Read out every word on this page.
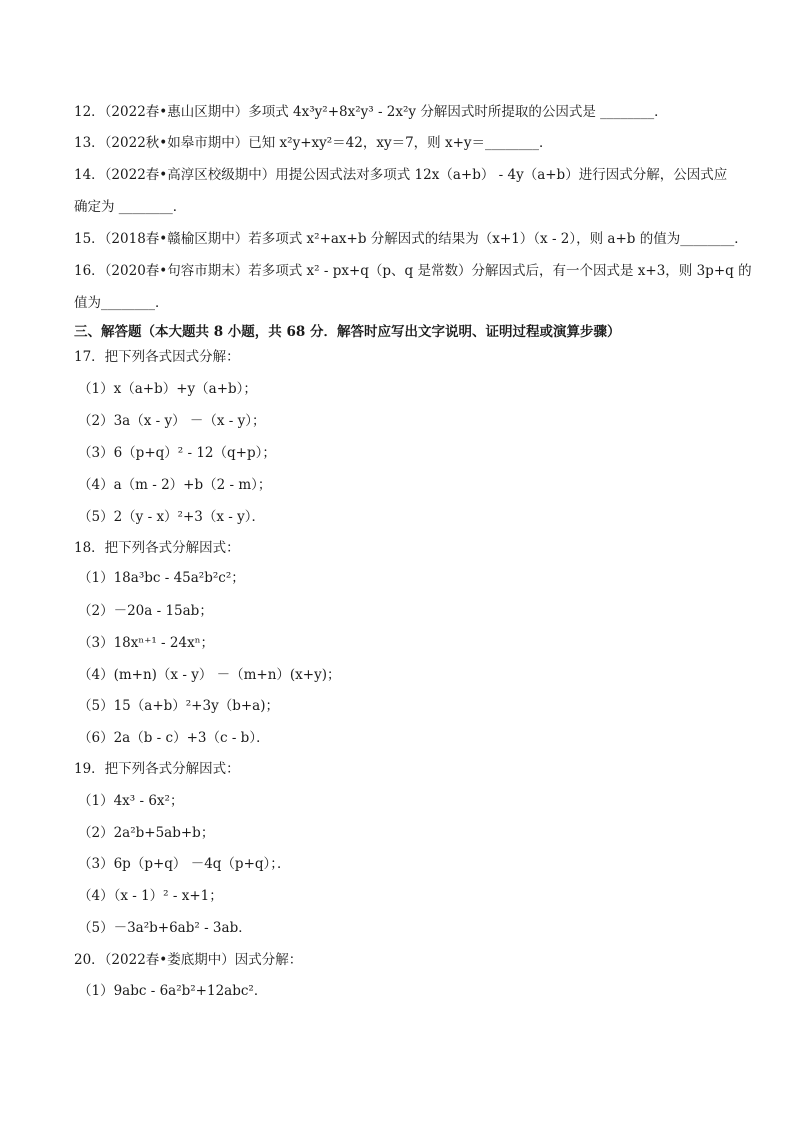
12．（2022春•惠山区期中）多项式 4x³y²+8x²y³ - 2x²y 分解因式时所提取的公因式是 ________．
13．（2022秋•如皋市期中）已知 x²y+xy²＝42，xy＝7，则 x+y＝________．
14．（2022春•高淳区校级期中）用提公因式法对多项式 12x（a+b） - 4y（a+b）进行因式分解，公因式应
确定为 ________．
15．（2018春•赣榆区期中）若多项式 x²+ax+b 分解因式的结果为（x+1）（x - 2），则 a+b 的值为________．
16．（2020春•句容市期末）若多项式 x² - px+q（p、q 是常数）分解因式后，有一个因式是 x+3，则 3p+q 的
值为________．
三、解答题（本大题共 8 小题，共 68 分．解答时应写出文字说明、证明过程或演算步骤）
17．把下列各式因式分解：
（1）x（a+b）+y（a+b）；
（2）3a（x - y） －（x - y）；
（3）6（p+q）² - 12（q+p）；
（4）a（m - 2）+b（2 - m）；
（5）2（y - x）²+3（x - y）．
18．把下列各式分解因式：
（1）18a³bc - 45a²b²c²；
（2）－20a - 15ab；
（3）18xⁿ⁺¹ - 24xⁿ；
（4）(m+n)（x - y） －（m+n）(x+y)；
（5）15（a+b）²+3y（b+a)；
（6）2a（b - c）+3（c - b）．
19．把下列各式分解因式：
（1）4x³ - 6x²；
（2）2a²b+5ab+b；
（3）6p（p+q） －4q（p+q）；．
（4）（x - 1）² - x+1；
（5）－3a²b+6ab² - 3ab．
20．（2022春•娄底期中）因式分解：
（1）9abc - 6a²b²+12abc²．
